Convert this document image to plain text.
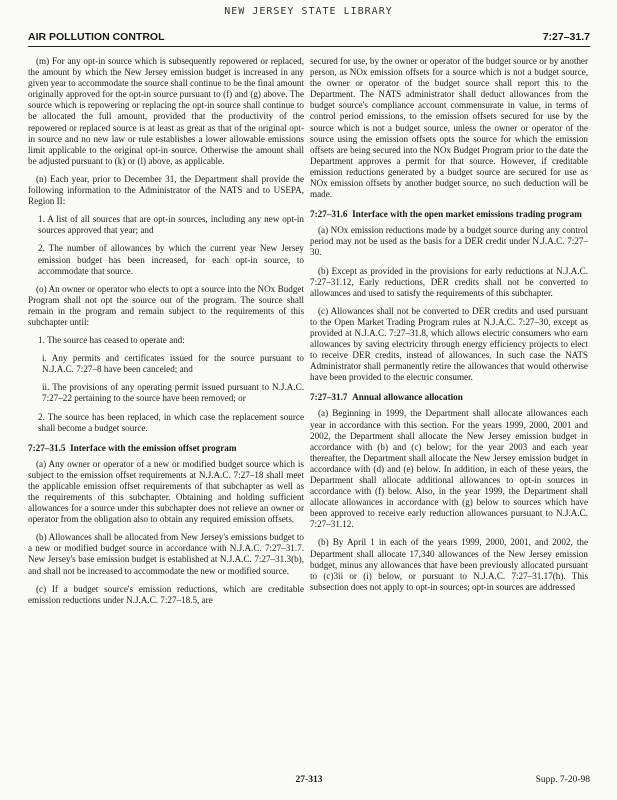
NEW JERSEY STATE LIBRARY
AIR POLLUTION CONTROL	7:27–31.7

(m) For any opt-in source which is subsequently repowered or replaced, the amount by which the New Jersey emission budget is increased in any given year to accommodate the source shall continue to be the final amount originally approved for the opt-in source pursuant to (f) and (g) above. The source which is repowering or replacing the opt-in source shall continue to be allocated the full amount, provided that the productivity of the repowered or replaced source is at least as great as that of the original opt-in source and no new law or rule establishes a lower allowable emissions limit applicable to the original opt-in source. Otherwise the amount shall be adjusted pursuant to (k) or (l) above, as applicable.

(n) Each year, prior to December 31, the Department shall provide the following information to the Administrator of the NATS and to USEPA, Region II:

1. A list of all sources that are opt-in sources, including any new opt-in sources approved that year; and

2. The number of allowances by which the current year New Jersey emission budget has been increased, for each opt-in source, to accommodate that source.

(o) An owner or operator who elects to opt a source into the NOx Budget Program shall not opt the source out of the program. The source shall remain in the program and remain subject to the requirements of this subchapter until:

1. The source has ceased to operate and:

i. Any permits and certificates issued for the source pursuant to N.J.A.C. 7:27–8 have been canceled; and

ii. The provisions of any operating permit issued pursuant to N.J.A.C. 7:27–22 pertaining to the source have been removed; or

2. The source has been replaced, in which case the replacement source shall become a budget source.

7:27–31.5 Interface with the emission offset program

(a) Any owner or operator of a new or modified budget source which is subject to the emission offset requirements at N.J.A.C. 7:27–18 shall meet the applicable emission offset requirements of that subchapter as well as the requirements of this subchapter. Obtaining and holding sufficient allowances for a source under this subchapter does not relieve an owner or operator from the obligation also to obtain any required emission offsets.

(b) Allowances shall be allocated from New Jersey's emissions budget to a new or modified budget source in accordance with N.J.A.C. 7:27–31.7. New Jersey's base emission budget is established at N.J.A.C. 7:27–31.3(b), and shall not be increased to accommodate the new or modified source.

(c) If a budget source's emission reductions, which are creditable emission reductions under N.J.A.C. 7:27–18.5, are

secured for use, by the owner or operator of the budget source or by another person, as NOx emission offsets for a source which is not a budget source, the owner or operator of the budget source shall report this to the Department. The NATS administrator shall deduct allowances from the budget source's compliance account commensurate in value, in terms of control period emissions, to the emission offsets secured for use by the source which is not a budget source, unless the owner or operator of the source using the emission offsets opts the source for which the emission offsets are being secured into the NOx Budget Program prior to the date the Department approves a permit for that source. However, if creditable emission reductions generated by a budget source are secured for use as NOx emission offsets by another budget source, no such deduction will be made.

7:27–31.6 Interface with the open market emissions trading program

(a) NOx emission reductions made by a budget source during any control period may not be used as the basis for a DER credit under N.J.A.C. 7:27–30.

(b) Except as provided in the provisions for early reductions at N.J.A.C. 7:27–31.12, Early reductions, DER credits shall not be converted to allowances and used to satisfy the requirements of this subchapter.

(c) Allowances shall not be converted to DER credits and used pursuant to the Open Market Trading Program rules at N.J.A.C. 7:27–30, except as provided at N.J.A.C. 7:27–31.8, which allows electric consumers who earn allowances by saving electricity through energy efficiency projects to elect to receive DER credits, instead of allowances. In such case the NATS Administrator shall permanently retire the allowances that would otherwise have been provided to the electric consumer.

7:27–31.7 Annual allowance allocation

(a) Beginning in 1999, the Department shall allocate allowances each year in accordance with this section. For the years 1999, 2000, 2001 and 2002, the Department shall allocate the New Jersey emission budget in accordance with (b) and (c) below; for the year 2003 and each year thereafter, the Department shall allocate the New Jersey emission budget in accordance with (d) and (e) below. In addition, in each of these years, the Department shall allocate additional allowances to opt-in sources in accordance with (f) below. Also, in the year 1999, the Department shall allocate allowances in accordance with (g) below to sources which have been approved to receive early reduction allowances pursuant to N.J.A.C. 7:27–31.12.

(b) By April 1 in each of the years 1999, 2000, 2001, and 2002, the Department shall allocate 17,340 allowances of the New Jersey emission budget, minus any allowances that have been previously allocated pursuant to (c)3ii or (i) below, or pursuant to N.J.A.C. 7:27–31.17(h). This subsection does not apply to opt-in sources; opt-in sources are addressed

27-313	Supp. 7-20-98
